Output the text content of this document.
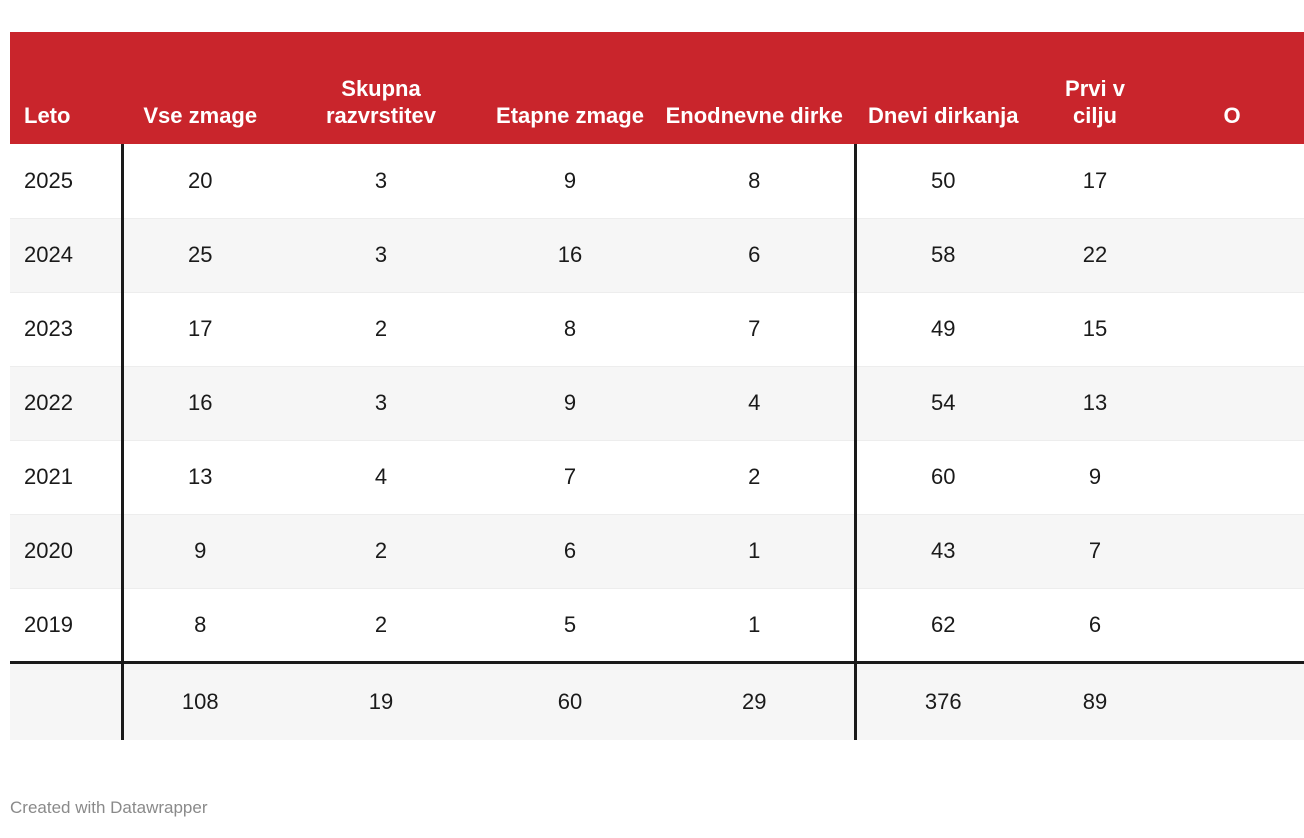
Leto	Vse zmage	Skupna razvrstitev	Etapne zmage	Enodnevne dirke	Dnevi dirkanja	Prvi v cilju	O
2025	20	3	9	8	50	17	
2024	25	3	16	6	58	22	
2023	17	2	8	7	49	15	
2022	16	3	9	4	54	13	
2021	13	4	7	2	60	9	
2020	9	2	6	1	43	7	
2019	8	2	5	1	62	6	
	108	19	60	29	376	89	
Created with Datawrapper
